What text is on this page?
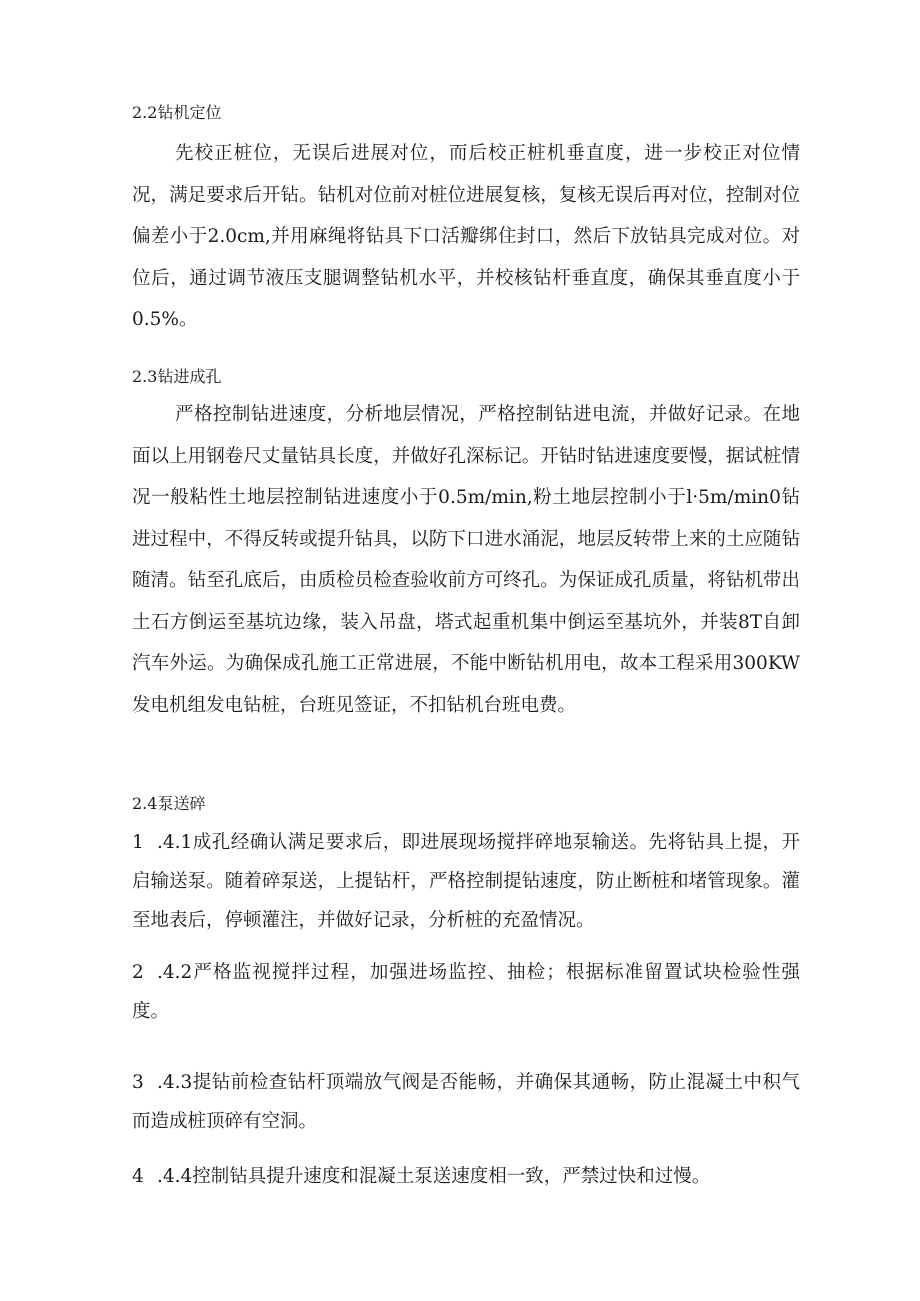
2.2钻机定位
先校正桩位，无误后进展对位，而后校正桩机垂直度，进一步校正对位情况，满足要求后开钻。钻机对位前对桩位进展复核，复核无误后再对位，控制对位偏差小于2.0cm,并用麻绳将钻具下口活瓣绑住封口，然后下放钻具完成对位。对位后，通过调节液压支腿调整钻机水平，并校核钻杆垂直度，确保其垂直度小于0.5%。
2.3钻进成孔
严格控制钻进速度，分析地层情况，严格控制钻进电流，并做好记录。在地面以上用钢卷尺丈量钻具长度，并做好孔深标记。开钻时钻进速度要慢，据试桩情况一般粘性土地层控制钻进速度小于0.5m∕min,粉土地层控制小于l·5m∕min0钻进过程中，不得反转或提升钻具，以防下口进水涌泥，地层反转带上来的土应随钻随清。钻至孔底后，由质检员检查验收前方可终孔。为保证成孔质量，将钻机带出土石方倒运至基坑边缘，装入吊盘，塔式起重机集中倒运至基坑外，并装8T自卸汽车外运。为确保成孔施工正常进展，不能中断钻机用电，故本工程采用300KW发电机组发电钻桩，台班见签证，不扣钻机台班电费。
2.4泵送碎
1 .4.1成孔经确认满足要求后，即进展现场搅拌碎地泵输送。先将钻具上提，开启输送泵。随着碎泵送，上提钻杆，严格控制提钻速度，防止断桩和堵管现象。灌至地表后，停顿灌注，并做好记录，分析桩的充盈情况。
2 .4.2严格监视搅拌过程，加强进场监控、抽检；根据标准留置试块检验性强度。
3 .4.3提钻前检查钻杆顶端放气阀是否能畅，并确保其通畅，防止混凝土中积气而造成桩顶碎有空洞。
4 .4.4控制钻具提升速度和混凝土泵送速度相一致，严禁过快和过慢。
